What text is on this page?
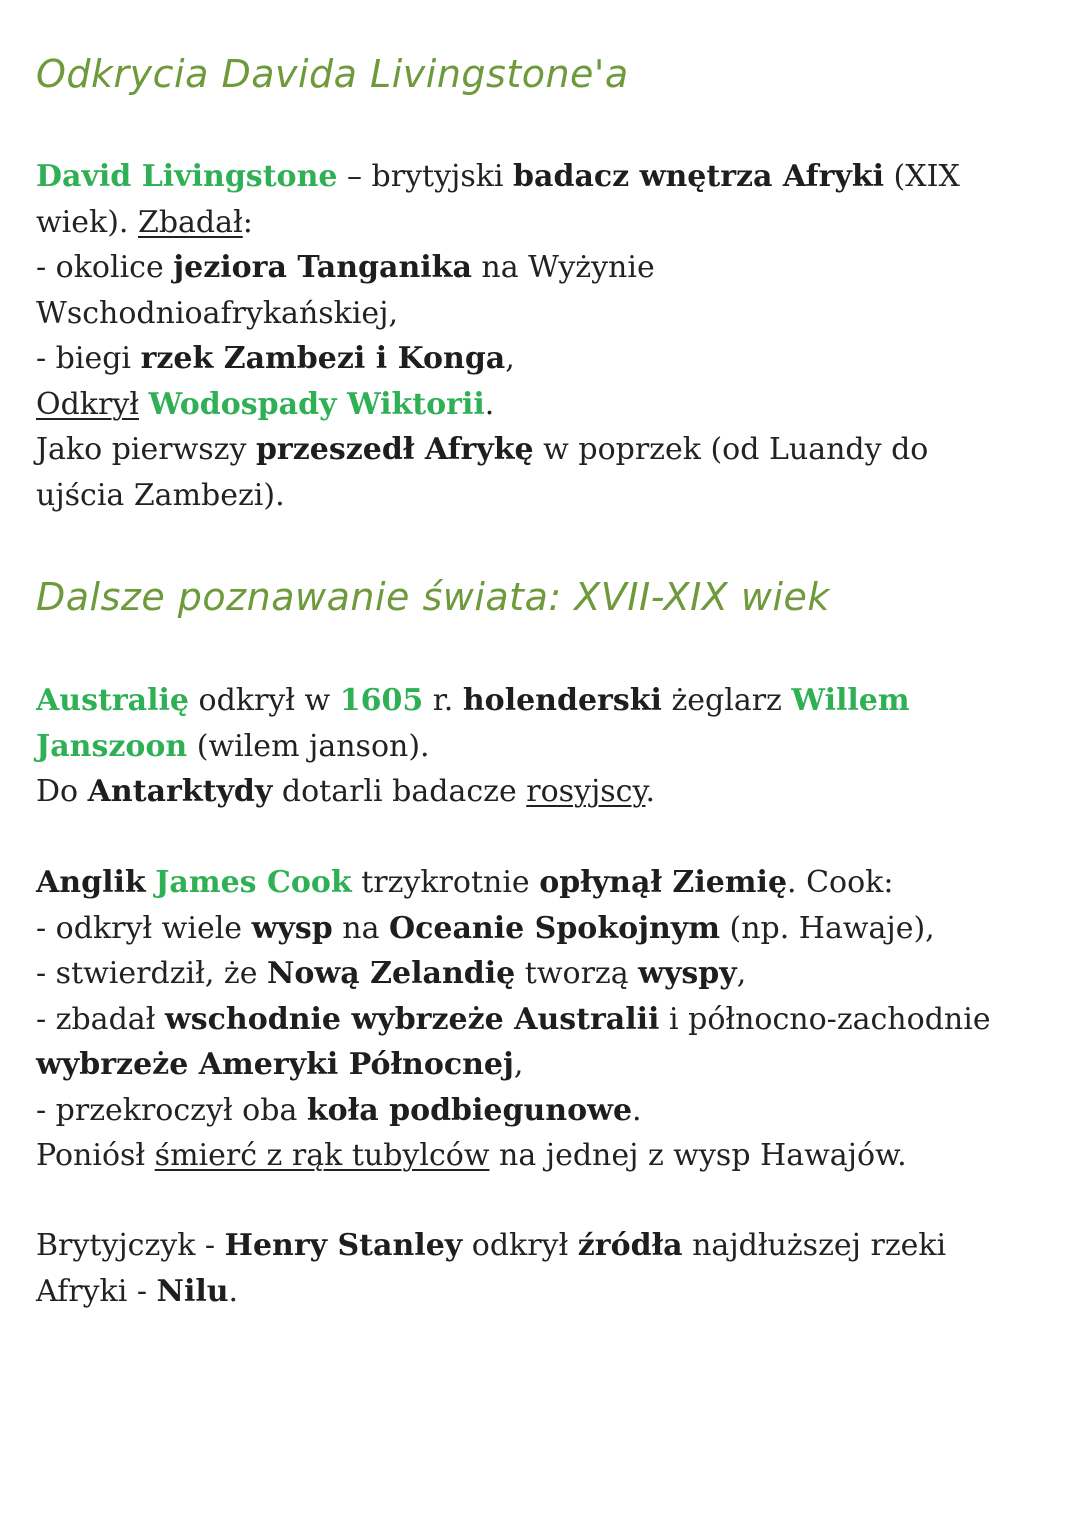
Odkrycia Davida Livingstone'a
David Livingstone – brytyjski badacz wnętrza Afryki (XIX
wiek). Zbadał:
- okolice jeziora Tanganika na Wyżynie
Wschodnioafrykańskiej,
- biegi rzek Zambezi i Konga,
Odkrył Wodospady Wiktorii.
Jako pierwszy przeszedł Afrykę w poprzek (od Luandy do
ujścia Zambezi).
Dalsze poznawanie świata: XVII-XIX wiek
Australię odkrył w 1605 r. holenderski żeglarz Willem
Janszoon (wilem janson).
Do Antarktydy dotarli badacze rosyjscy.
Anglik James Cook trzykrotnie opłynął Ziemię. Cook:
- odkrył wiele wysp na Oceanie Spokojnym (np. Hawaje),
- stwierdził, że Nową Zelandię tworzą wyspy,
- zbadał wschodnie wybrzeże Australii i północno-zachodnie
wybrzeże Ameryki Północnej,
- przekroczył oba koła podbiegunowe.
Poniósł śmierć z rąk tubylców na jednej z wysp Hawajów.
Brytyjczyk - Henry Stanley odkrył źródła najdłuższej rzeki
Afryki - Nilu.
